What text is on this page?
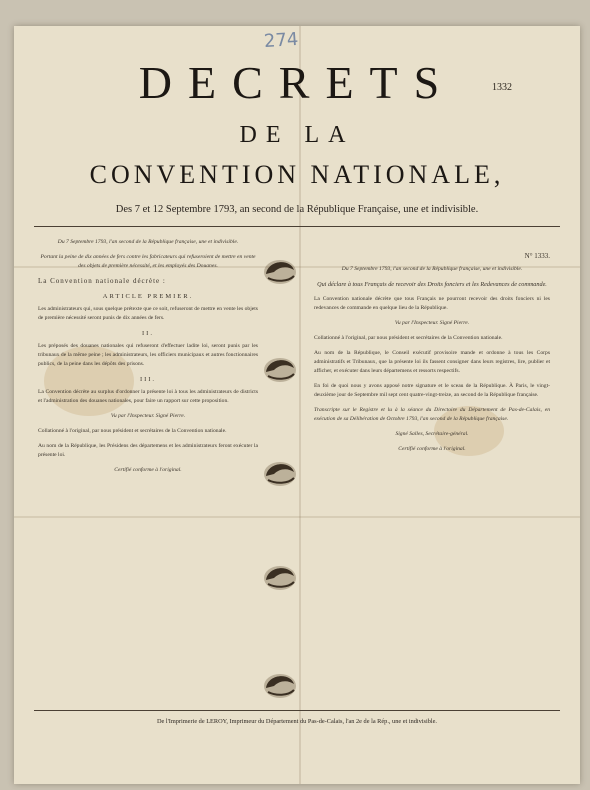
274
DECRETS	1332
DE LA
CONVENTION NATIONALE,
Des 7 et 12 Septembre 1793, an second de la République Française, une et indivisible.
Du 7 Septembre 1793, l'an second de la République française, une et indivisible.
Portant la peine de dix années de fers contre les fabricateurs qui refuseroient de mettre en vente des objets de première nécessité, et les employés des Douanes.
La Convention nationale décrète :
ARTICLE PREMIER.

Les administrateurs qui, sous quelque prétexte que ce soit, refuseront de mettre en vente les objets de première nécessité seront punis de dix années de fers.

II.

Les préposés des douanes nationales qui refuseront d'effectuer ladite loi, seront punis par les tribunaux de la même peine ; les administrateurs, les officiers municipaux et autres fonctionnaires publics, de la peine dans les dépôts des prisons.

III.

La Convention décrète au surplus d'ordonner la présente loi à tous les administrateurs de districts et l'administration des douanes nationales, pour faire un rapport sur cette proposition.

Vu par l'Inspecteur. Signé Pierre.

Collationné à l'original, par nous président et secrétaires de la Convention nationale.

Au nom de la République, les Présidens des départemens et les administrateurs feront exécuter la présente loi.

Certifié conforme à l'original.
N° 1333.
Du 7 Septembre 1793, l'an second de la République française, une et indivisible.
Qui déclare à tous Français de recevoir des Droits fonciers et les Redevances de commande.

La Convention nationale décrète que tous Français ne pourront recevoir des droits fonciers ni les redevances de commande en quelque lieu de la République.

Vu par l'Inspecteur. Signé Pierre.

Collationné à l'original, par nous président et secrétaires de la Convention nationale.

Au nom de la République, le Conseil exécutif provisoire mande et ordonne à tous les Corps administratifs et Tribunaux, que la présente loi ils fassent consigner dans leurs registres, lire, publier et afficher, et exécuter dans leurs départemens et ressorts respectifs.

En foi de quoi nous y avons apposé notre signature et le sceau de la République. À Paris, le vingt-deuxième jour de Septembre mil sept cent quatre-vingt-treize, an second de la République française.

Transcripte sur le Registre et lu à la séance du Directoire du Département de Pas-de-Calais, en exécution de sa Délibération de Octobre 1793, l'an second de la République française.

Signé Salles, Secrétaire-général.
Certifié conforme à l'original.
De l'Imprimerie de LEROY, Imprimeur du Département du Pas-de-Calais, l'an 2e de la Rép., une et indivisible.
